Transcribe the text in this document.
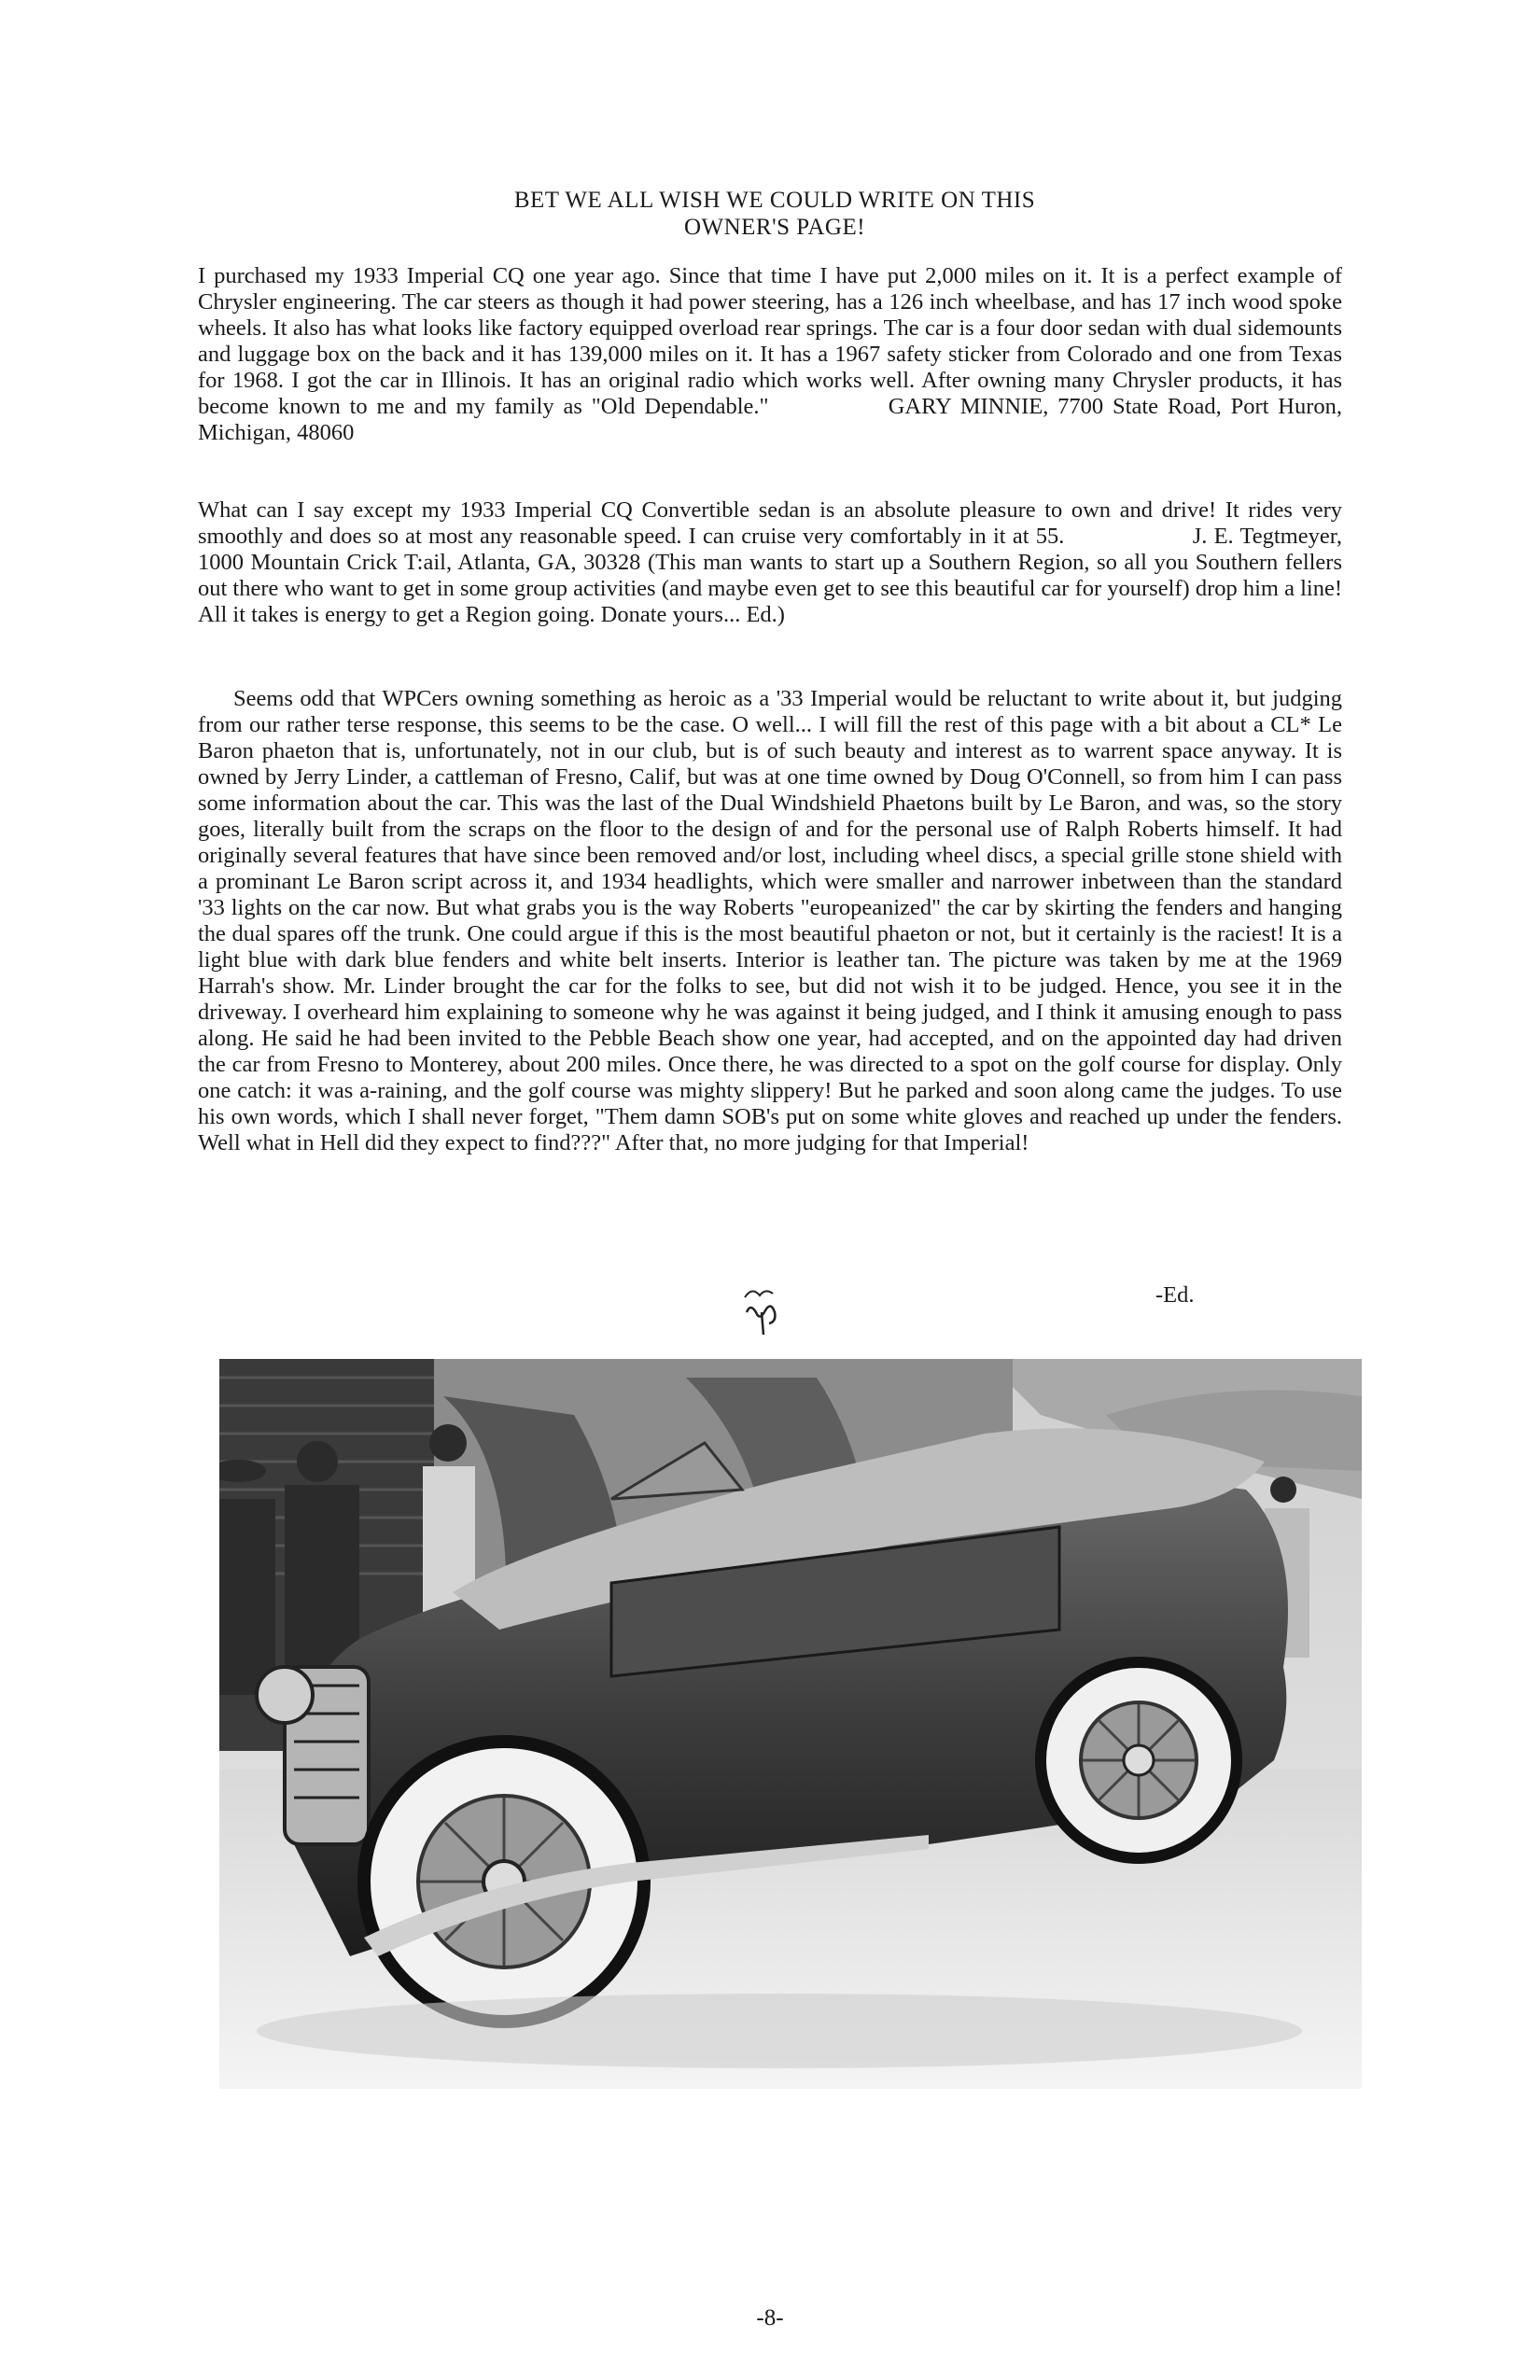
BET WE ALL WISH WE COULD WRITE ON THIS
OWNER'S PAGE!

I purchased my 1933 Imperial CQ one year ago. Since that time I have put 2,000 miles on it. It is a perfect example of Chrysler engineering. The car steers as though it had power steering, has a 126 inch wheelbase, and has 17 inch wood spoke wheels. It also has what looks like factory equipped overload rear springs. The car is a four door sedan with dual sidemounts and luggage box on the back and it has 139,000 miles on it. It has a 1967 safety sticker from Colorado and one from Texas for 1968. I got the car in Illinois. It has an original radio which works well. After owning many Chrysler products, it has become known to me and my family as "Old Dependable."	GARY MINNIE, 7700 State Road, Port Huron, Michigan, 48060

What can I say except my 1933 Imperial CQ Convertible sedan is an absolute pleasure to own and drive! It rides very smoothly and does so at most any reasonable speed. I can cruise very comfortably in it at 55.	J. E. Tegtmeyer, 1000 Mountain Crick T:ail, Atlanta, GA, 30328 (This man wants to start up a Southern Region, so all you Southern fellers out there who want to get in some group activities (and maybe even get to see this beautiful car for yourself) drop him a line! All it takes is energy to get a Region going. Donate yours... Ed.)

Seems odd that WPCers owning something as heroic as a '33 Imperial would be reluctant to write about it, but judging from our rather terse response, this seems to be the case. O well... I will fill the rest of this page with a bit about a CL* Le Baron phaeton that is, unfortunately, not in our club, but is of such beauty and interest as to warrent space anyway. It is owned by Jerry Linder, a cattleman of Fresno, Calif, but was at one time owned by Doug O'Connell, so from him I can pass some information about the car. This was the last of the Dual Windshield Phaetons built by Le Baron, and was, so the story goes, literally built from the scraps on the floor to the design of and for the personal use of Ralph Roberts himself. It had originally several features that have since been removed and/or lost, including wheel discs, a special grille stone shield with a prominant Le Baron script across it, and 1934 headlights, which were smaller and narrower inbetween than the standard '33 lights on the car now. But what grabs you is the way Roberts "europeanized" the car by skirting the fenders and hanging the dual spares off the trunk. One could argue if this is the most beautiful phaeton or not, but it certainly is the raciest! It is a light blue with dark blue fenders and white belt inserts. Interior is leather tan. The picture was taken by me at the 1969 Harrah's show. Mr. Linder brought the car for the folks to see, but did not wish it to be judged. Hence, you see it in the driveway. I overheard him explaining to someone why he was against it being judged, and I think it amusing enough to pass along. He said he had been invited to the Pebble Beach show one year, had accepted, and on the appointed day had driven the car from Fresno to Monterey, about 200 miles. Once there, he was directed to a spot on the golf course for display. Only one catch: it was a-raining, and the golf course was mighty slippery! But he parked and soon along came the judges. To use his own words, which I shall never forget, "Them damn SOB's put on some white gloves and reached up under the fenders. Well what in Hell did they expect to find???" After that, no more judging for that Imperial!

-Ed.
-8-
